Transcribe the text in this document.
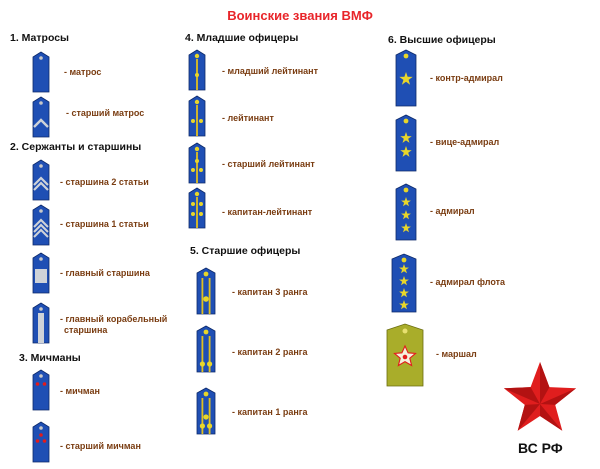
Воинские звания ВМФ
1. Матросы
- матрос
- старший матрос
2. Сержанты и старшины
- старшина 2 статьи
- старшина 1 статьи
- главный старшина
- главный корабельный
старшина
3. Мичманы
- мичман
- старший мичман
4. Младшие офицеры
- младший лейтинант
- лейтинант
- старший лейтинант
- капитан-лейтинант
5. Старшие офицеры
- капитан 3 ранга
- капитан 2 ранга
- капитан 1 ранга
6. Высшие офицеры
- контр-адмирал
- вице-адмирал
- адмирал
- адмирал флота
- маршал
ВС РФ
